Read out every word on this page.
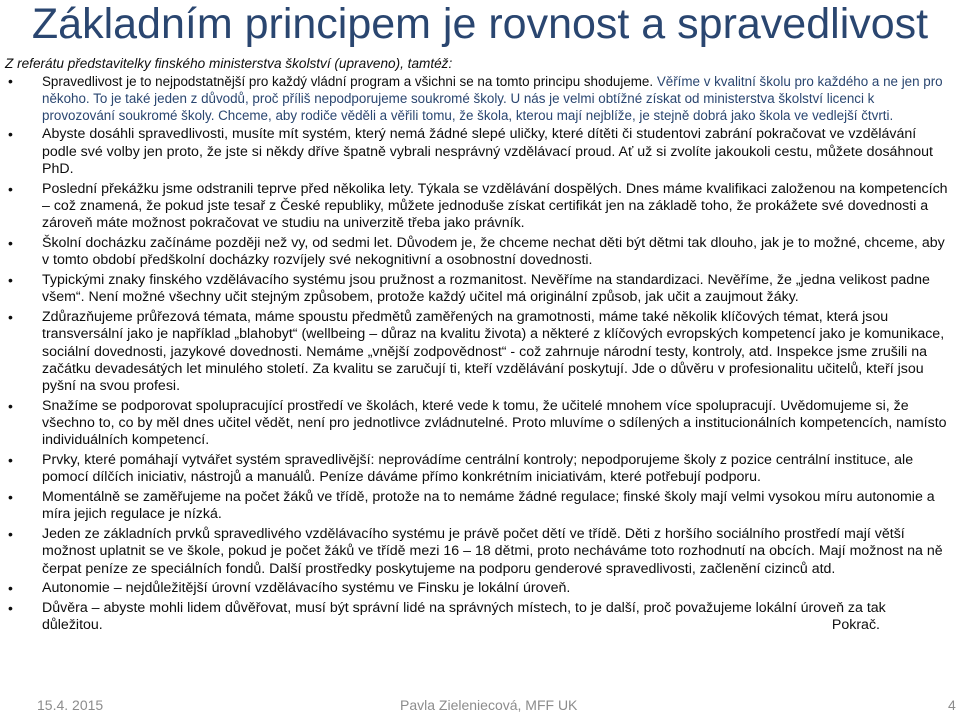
Základním principem je rovnost a spravedlivost
Z referátu představitelky finského ministerstva školství (upraveno), tamtéž:
• Spravedlivost je to nejpodstatnější pro každý vládní program a všichni se na tomto principu shodujeme. Věříme v kvalitní školu pro každého a ne jen pro někoho. To je také jeden z důvodů, proč příliš nepodporujeme soukromé školy. U nás je velmi obtížné získat od ministerstva školství licenci k provozování soukromé školy. Chceme, aby rodiče věděli a věřili tomu, že škola, kterou mají nejblíže, je stejně dobrá jako škola ve vedlejší čtvrti.
• Abyste dosáhli spravedlivosti, musíte mít systém, který nemá žádné slepé uličky, které dítěti či studentovi zabrání pokračovat ve vzdělávání podle své volby jen proto, že jste si někdy dříve špatně vybrali nesprávný vzdělávací proud. Ať už si zvolíte jakoukoli cestu, můžete dosáhnout PhD.
• Poslední překážku jsme odstranili teprve před několika lety. Týkala se vzdělávání dospělých. Dnes máme kvalifikaci založenou na kompetencích – což znamená, že pokud jste tesař z České republiky, můžete jednoduše získat certifikát jen na základě toho, že prokážete své dovednosti a zároveň máte možnost pokračovat ve studiu na univerzitě třeba jako právník.
• Školní docházku začínáme později než vy, od sedmi let. Důvodem je, že chceme nechat děti být dětmi tak dlouho, jak je to možné, chceme, aby v tomto období předškolní docházky rozvíjely své nekognitivní a osobnostní dovednosti.
• Typickými znaky finského vzdělávacího systému jsou pružnost a rozmanitost. Nevěříme na standardizaci. Nevěříme, že „jedna velikost padne všem“. Není možné všechny učit stejným způsobem, protože každý učitel má originální způsob, jak učit a zaujmout žáky.
• Zdůrazňujeme průřezová témata, máme spoustu předmětů zaměřených na gramotnosti, máme také několik klíčových témat, která jsou transversální jako je například „blahobyt“ (wellbeing – důraz na kvalitu života) a některé z klíčových evropských kompetencí jako je komunikace, sociální dovednosti, jazykové dovednosti. Nemáme „vnější zodpovědnost“ - což zahrnuje národní testy, kontroly, atd. Inspekce jsme zrušili na začátku devadesátých let minulého století. Za kvalitu se zaručují ti, kteří vzdělávání poskytují. Jde o důvěru v profesionalitu učitelů, kteří jsou pyšní na svou profesi.
• Snažíme se podporovat spolupracující prostředí ve školách, které vede k tomu, že učitelé mnohem více spolupracují. Uvědomujeme si, že všechno to, co by měl dnes učitel vědět, není pro jednotlivce zvládnutelné. Proto mluvíme o sdílených a institucionálních kompetencích, namísto individuálních kompetencí.
• Prvky, které pomáhají vytvářet systém spravedlivější: neprovádíme centrální kontroly; nepodporujeme školy z pozice centrální instituce, ale pomocí dílčích iniciativ, nástrojů a manuálů. Peníze dáváme přímo konkrétním iniciativám, které potřebují podporu.
• Momentálně se zaměřujeme na počet žáků ve třídě, protože na to nemáme žádné regulace; finské školy mají velmi vysokou míru autonomie a míra jejich regulace je nízká.
• Jeden ze základních prvků spravedlivého vzdělávacího systému je právě počet dětí ve třídě. Děti z horšího sociálního prostředí mají větší možnost uplatnit se ve škole, pokud je počet žáků ve třídě mezi 16 – 18 dětmi, proto necháváme toto rozhodnutí na obcích. Mají možnost na ně čerpat peníze ze speciálních fondů. Další prostředky poskytujeme na podporu genderové spravedlivosti, začlenění cizinců atd.
• Autonomie – nejdůležitější úrovní vzdělávacího systému ve Finsku je lokální úroveň.
• Důvěra – abyste mohli lidem důvěřovat, musí být správní lidé na správných místech, to je další, proč považujeme lokální úroveň za tak důležitou.	Pokrač.
15.4. 2015	Pavla Zieleniecová, MFF UK	4
